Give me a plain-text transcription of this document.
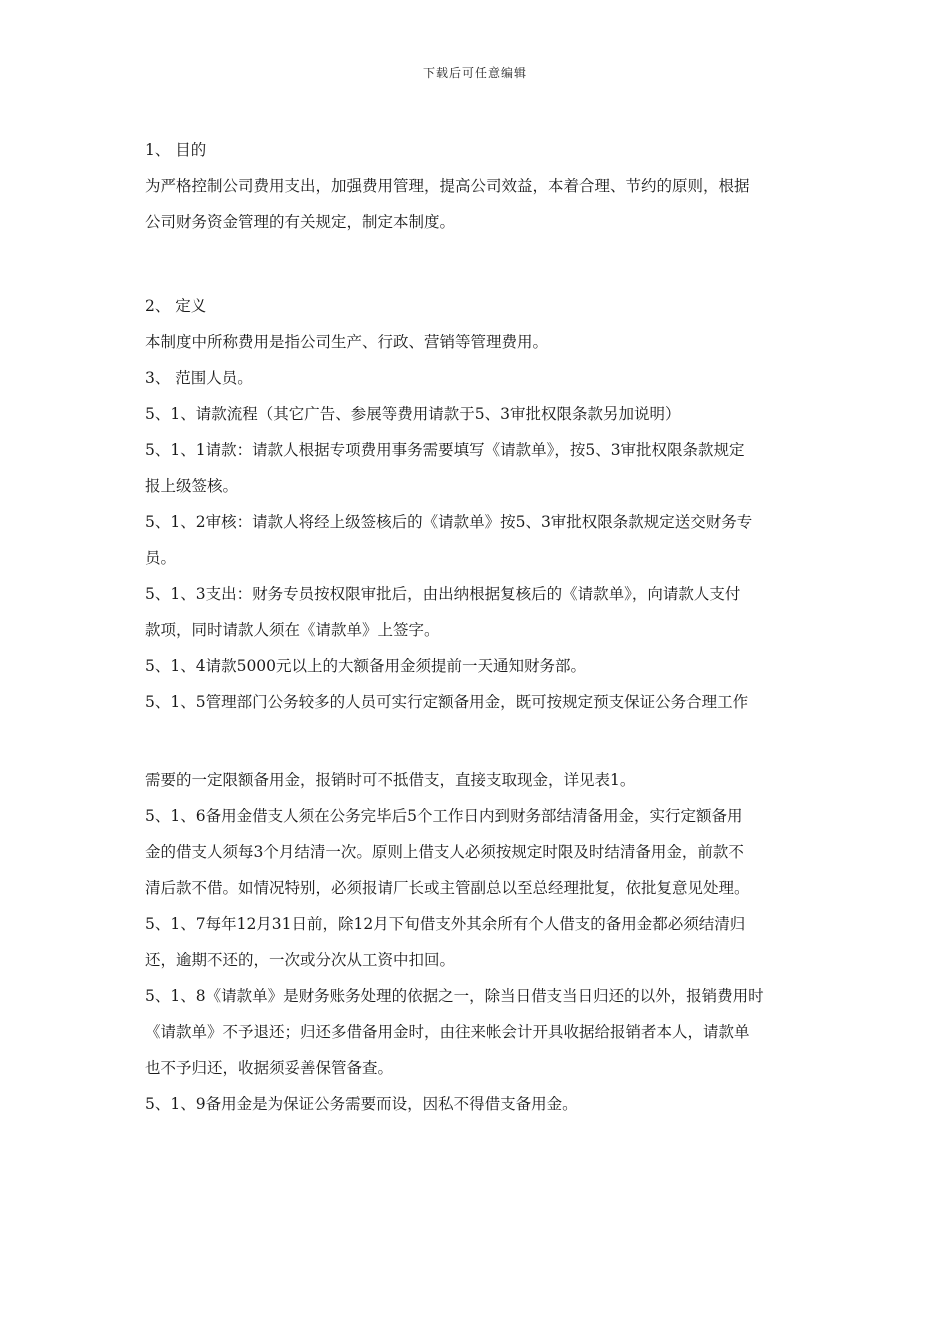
下载后可任意编辑
1、 目的
为严格控制公司费用支出，加强费用管理，提高公司效益，本着合理、节约的原则，根据
公司财务资金管理的有关规定，制定本制度。
2、 定义
本制度中所称费用是指公司生产、行政、营销等管理费用。
3、 范围人员。
5、1、请款流程（其它广告、参展等费用请款于5、3审批权限条款另加说明）
5、1、1请款：请款人根据专项费用事务需要填写《请款单》，按5、3审批权限条款规定
报上级签核。
5、1、2审核：请款人将经上级签核后的《请款单》按5、3审批权限条款规定送交财务专
员。
5、1、3支出：财务专员按权限审批后，由出纳根据复核后的《请款单》，向请款人支付
款项，同时请款人须在《请款单》上签字。
5、1、4请款5000元以上的大额备用金须提前一天通知财务部。
5、1、5管理部门公务较多的人员可实行定额备用金，既可按规定预支保证公务合理工作
需要的一定限额备用金，报销时可不抵借支，直接支取现金，详见表1。
5、1、6备用金借支人须在公务完毕后5个工作日内到财务部结清备用金，实行定额备用
金的借支人须每3个月结清一次。原则上借支人必须按规定时限及时结清备用金，前款不
清后款不借。如情况特别，必须报请厂长或主管副总以至总经理批复，依批复意见处理。
5、1、7每年12月31日前，除12月下旬借支外其余所有个人借支的备用金都必须结清归
还，逾期不还的，一次或分次从工资中扣回。
5、1、8《请款单》是财务账务处理的依据之一，除当日借支当日归还的以外，报销费用时
《请款单》不予退还；归还多借备用金时，由往来帐会计开具收据给报销者本人，请款单
也不予归还，收据须妥善保管备查。
5、1、9备用金是为保证公务需要而设，因私不得借支备用金。
